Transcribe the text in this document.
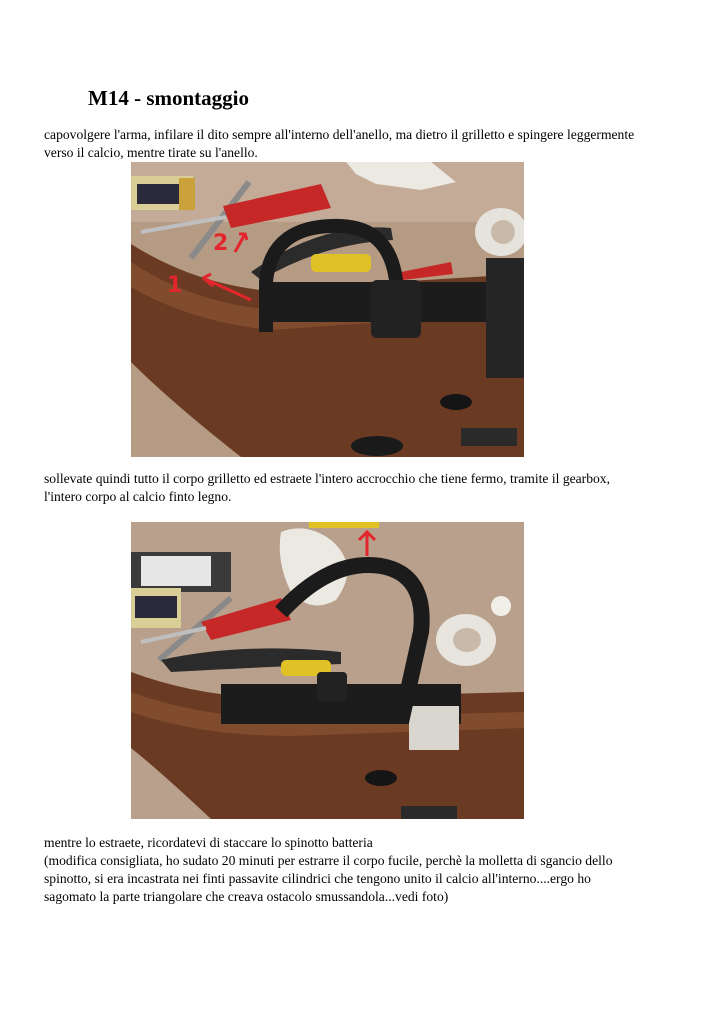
M14 - smontaggio

capovolgere l'arma, infilare il dito sempre all'interno dell'anello, ma dietro il grilletto e spingere leggermente
verso il calcio, mentre tirate su l'anello.

2
1

sollevate quindi tutto il corpo grilletto ed estraete l'intero accrocchio che tiene fermo, tramite il gearbox,
l'intero corpo al calcio finto legno.

mentre lo estraete, ricordatevi di staccare lo spinotto batteria
(modifica consigliata, ho sudato 20 minuti per estrarre il corpo fucile, perchè la molletta di sgancio dello
spinotto, si era incastrata nei finti passavite cilindrici che tengono unito il calcio all'interno....ergo ho
sagomato la parte triangolare che creava ostacolo smussandola...vedi foto)
